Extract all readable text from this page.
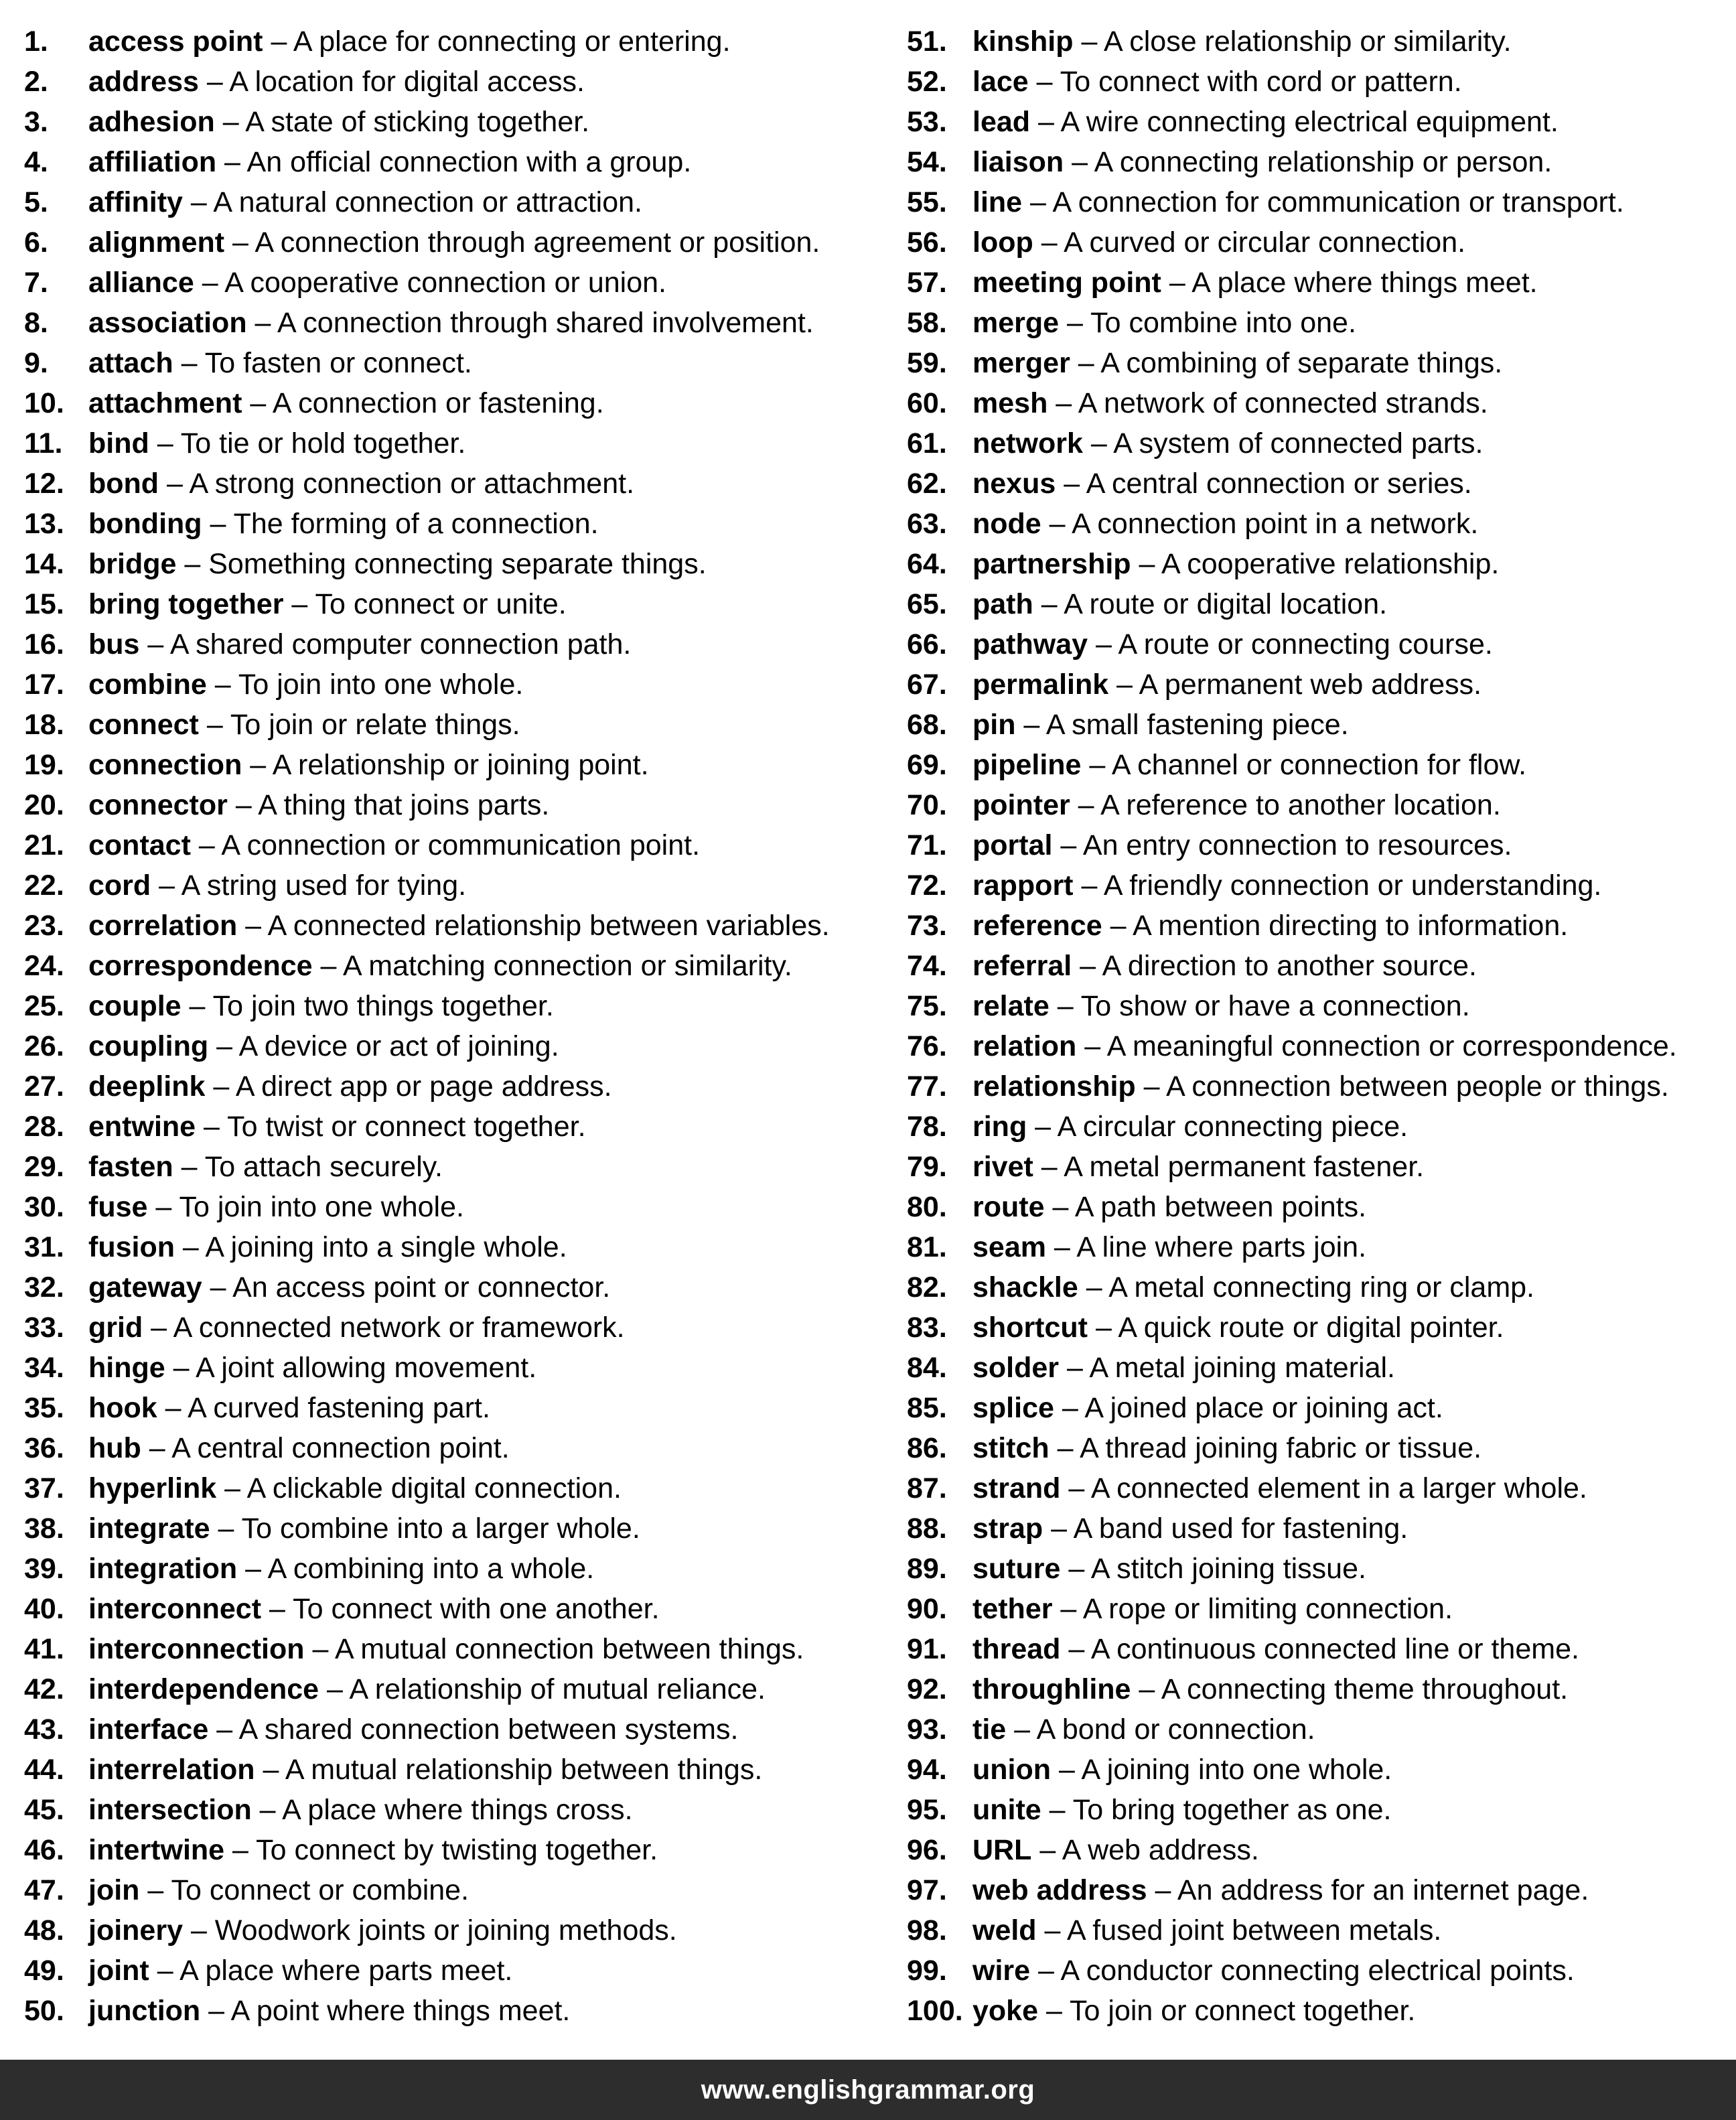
1. access point – A place for connecting or entering.
2. address – A location for digital access.
3. adhesion – A state of sticking together.
4. affiliation – An official connection with a group.
5. affinity – A natural connection or attraction.
6. alignment – A connection through agreement or position.
7. alliance – A cooperative connection or union.
8. association – A connection through shared involvement.
9. attach – To fasten or connect.
10. attachment – A connection or fastening.
11. bind – To tie or hold together.
12. bond – A strong connection or attachment.
13. bonding – The forming of a connection.
14. bridge – Something connecting separate things.
15. bring together – To connect or unite.
16. bus – A shared computer connection path.
17. combine – To join into one whole.
18. connect – To join or relate things.
19. connection – A relationship or joining point.
20. connector – A thing that joins parts.
21. contact – A connection or communication point.
22. cord – A string used for tying.
23. correlation – A connected relationship between variables.
24. correspondence – A matching connection or similarity.
25. couple – To join two things together.
26. coupling – A device or act of joining.
27. deeplink – A direct app or page address.
28. entwine – To twist or connect together.
29. fasten – To attach securely.
30. fuse – To join into one whole.
31. fusion – A joining into a single whole.
32. gateway – An access point or connector.
33. grid – A connected network or framework.
34. hinge – A joint allowing movement.
35. hook – A curved fastening part.
36. hub – A central connection point.
37. hyperlink – A clickable digital connection.
38. integrate – To combine into a larger whole.
39. integration – A combining into a whole.
40. interconnect – To connect with one another.
41. interconnection – A mutual connection between things.
42. interdependence – A relationship of mutual reliance.
43. interface – A shared connection between systems.
44. interrelation – A mutual relationship between things.
45. intersection – A place where things cross.
46. intertwine – To connect by twisting together.
47. join – To connect or combine.
48. joinery – Woodwork joints or joining methods.
49. joint – A place where parts meet.
50. junction – A point where things meet.
51. kinship – A close relationship or similarity.
52. lace – To connect with cord or pattern.
53. lead – A wire connecting electrical equipment.
54. liaison – A connecting relationship or person.
55. line – A connection for communication or transport.
56. loop – A curved or circular connection.
57. meeting point – A place where things meet.
58. merge – To combine into one.
59. merger – A combining of separate things.
60. mesh – A network of connected strands.
61. network – A system of connected parts.
62. nexus – A central connection or series.
63. node – A connection point in a network.
64. partnership – A cooperative relationship.
65. path – A route or digital location.
66. pathway – A route or connecting course.
67. permalink – A permanent web address.
68. pin – A small fastening piece.
69. pipeline – A channel or connection for flow.
70. pointer – A reference to another location.
71. portal – An entry connection to resources.
72. rapport – A friendly connection or understanding.
73. reference – A mention directing to information.
74. referral – A direction to another source.
75. relate – To show or have a connection.
76. relation – A meaningful connection or correspondence.
77. relationship – A connection between people or things.
78. ring – A circular connecting piece.
79. rivet – A metal permanent fastener.
80. route – A path between points.
81. seam – A line where parts join.
82. shackle – A metal connecting ring or clamp.
83. shortcut – A quick route or digital pointer.
84. solder – A metal joining material.
85. splice – A joined place or joining act.
86. stitch – A thread joining fabric or tissue.
87. strand – A connected element in a larger whole.
88. strap – A band used for fastening.
89. suture – A stitch joining tissue.
90. tether – A rope or limiting connection.
91. thread – A continuous connected line or theme.
92. throughline – A connecting theme throughout.
93. tie – A bond or connection.
94. union – A joining into one whole.
95. unite – To bring together as one.
96. URL – A web address.
97. web address – An address for an internet page.
98. weld – A fused joint between metals.
99. wire – A conductor connecting electrical points.
100. yoke – To join or connect together.
www.englishgrammar.org
